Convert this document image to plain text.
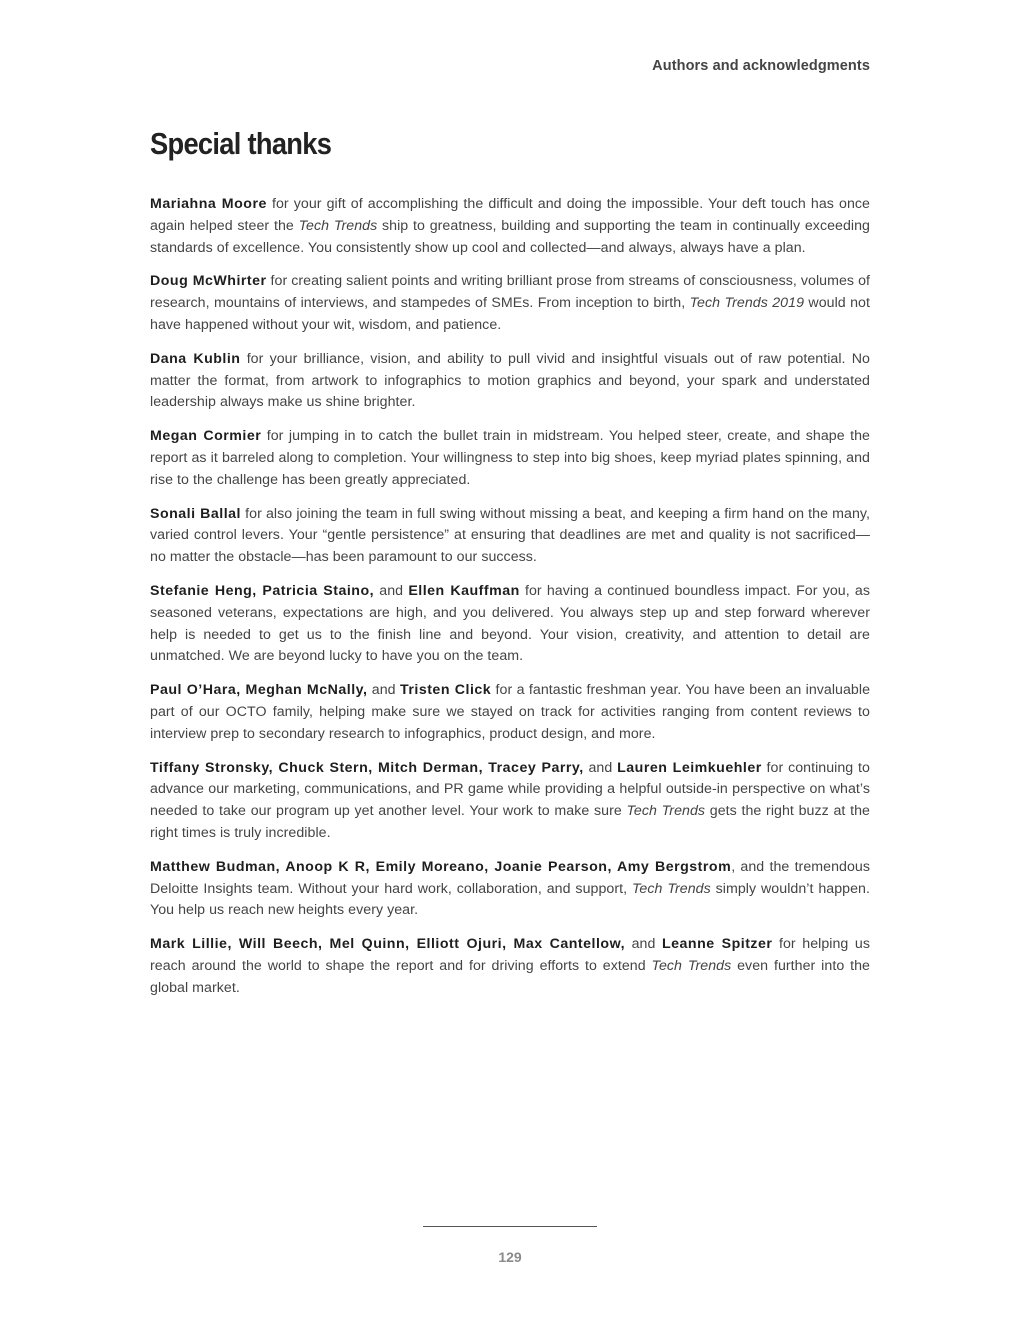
Authors and acknowledgments
Special thanks

Mariahna Moore for your gift of accomplishing the difficult and doing the impossible. Your deft touch has once again helped steer the Tech Trends ship to greatness, building and supporting the team in continually exceeding standards of excellence. You consistently show up cool and collected—and always, always have a plan.

Doug McWhirter for creating salient points and writing brilliant prose from streams of consciousness, volumes of research, mountains of interviews, and stampedes of SMEs. From inception to birth, Tech Trends 2019 would not have happened without your wit, wisdom, and patience.

Dana Kublin for your brilliance, vision, and ability to pull vivid and insightful visuals out of raw potential. No matter the format, from artwork to infographics to motion graphics and beyond, your spark and understated leadership always make us shine brighter.

Megan Cormier for jumping in to catch the bullet train in midstream. You helped steer, create, and shape the report as it barreled along to completion. Your willingness to step into big shoes, keep myriad plates spinning, and rise to the challenge has been greatly appreciated.

Sonali Ballal for also joining the team in full swing without missing a beat, and keeping a firm hand on the many, varied control levers. Your “gentle persistence” at ensuring that deadlines are met and quality is not sacrificed—no matter the obstacle—has been paramount to our success.

Stefanie Heng, Patricia Staino, and Ellen Kauffman for having a continued boundless impact. For you, as seasoned veterans, expectations are high, and you delivered. You always step up and step forward wherever help is needed to get us to the finish line and beyond. Your vision, creativity, and attention to detail are unmatched. We are beyond lucky to have you on the team.

Paul O’Hara, Meghan McNally, and Tristen Click for a fantastic freshman year. You have been an invaluable part of our OCTO family, helping make sure we stayed on track for activities ranging from content reviews to interview prep to secondary research to infographics, product design, and more.

Tiffany Stronsky, Chuck Stern, Mitch Derman, Tracey Parry, and Lauren Leimkuehler for continuing to advance our marketing, communications, and PR game while providing a helpful outside-in perspective on what’s needed to take our program up yet another level. Your work to make sure Tech Trends gets the right buzz at the right times is truly incredible.

Matthew Budman, Anoop K R, Emily Moreano, Joanie Pearson, Amy Bergstrom, and the tremendous Deloitte Insights team. Without your hard work, collaboration, and support, Tech Trends simply wouldn’t happen. You help us reach new heights every year.

Mark Lillie, Will Beech, Mel Quinn, Elliott Ojuri, Max Cantellow, and Leanne Spitzer for helping us reach around the world to shape the report and for driving efforts to extend Tech Trends even further into the global market.

129
